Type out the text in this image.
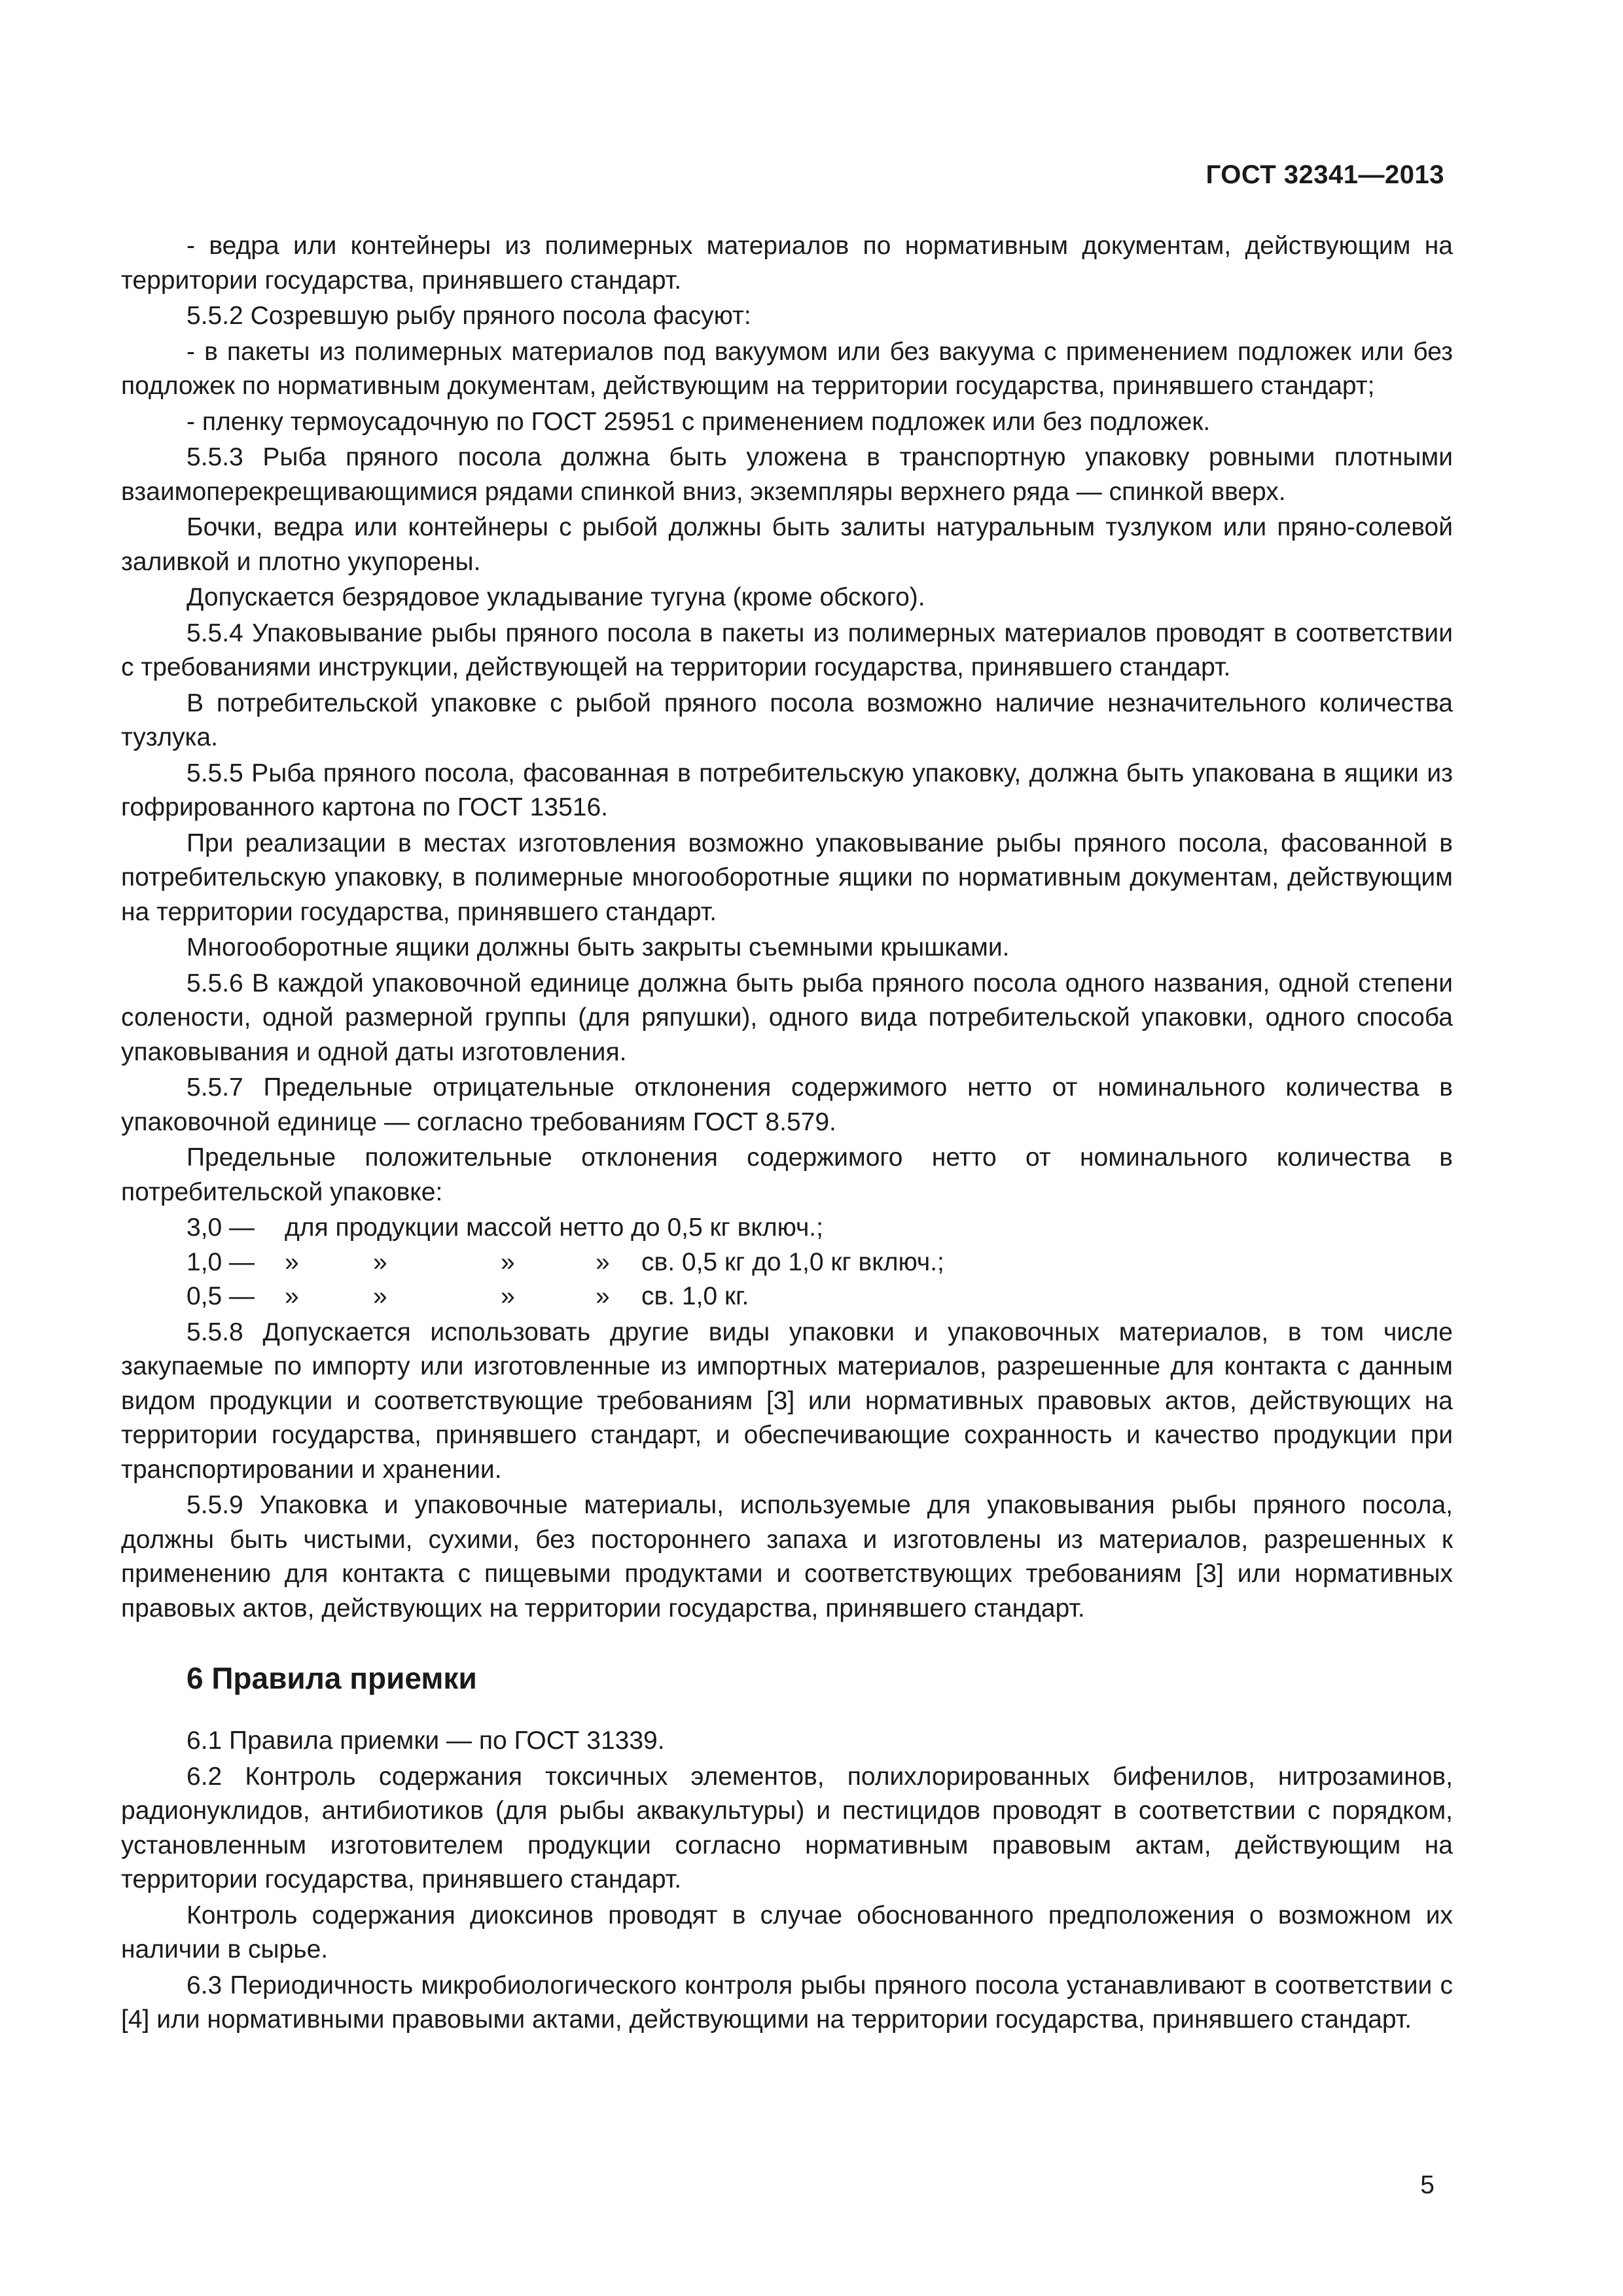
ГОСТ 32341—2013

- ведра или контейнеры из полимерных материалов по нормативным документам, действующим на территории государства, принявшего стандарт.

5.5.2 Созревшую рыбу пряного посола фасуют:

- в пакеты из полимерных материалов под вакуумом или без вакуума с применением подложек или без подложек по нормативным документам, действующим на территории государства, принявшего стандарт;

- пленку термоусадочную по ГОСТ 25951 с применением подложек или без подложек.

5.5.3 Рыба пряного посола должна быть уложена в транспортную упаковку ровными плотными взаимоперекрещивающимися рядами спинкой вниз, экземпляры верхнего ряда — спинкой вверх.

Бочки, ведра или контейнеры с рыбой должны быть залиты натуральным тузлуком или пряно-солевой заливкой и плотно укупорены.

Допускается безрядовое укладывание тугуна (кроме обского).

5.5.4 Упаковывание рыбы пряного посола в пакеты из полимерных материалов проводят в соответствии с требованиями инструкции, действующей на территории государства, принявшего стандарт.

В потребительской упаковке с рыбой пряного посола возможно наличие незначительного количества тузлука.

5.5.5 Рыба пряного посола, фасованная в потребительскую упаковку, должна быть упакована в ящики из гофрированного картона по ГОСТ 13516.

При реализации в местах изготовления возможно упаковывание рыбы пряного посола, фасованной в потребительскую упаковку, в полимерные многооборотные ящики по нормативным документам, действующим на территории государства, принявшего стандарт.

Многооборотные ящики должны быть закрыты съемными крышками.

5.5.6 В каждой упаковочной единице должна быть рыба пряного посола одного названия, одной степени солености, одной размерной группы (для ряпушки), одного вида потребительской упаковки, одного способа упаковывания и одной даты изготовления.

5.5.7 Предельные отрицательные отклонения содержимого нетто от номинального количества в упаковочной единице — согласно требованиям ГОСТ 8.579.

Предельные положительные отклонения содержимого нетто от номинального количества в потребительской упаковке:

3,0 —	для продукции массой нетто до 0,5 кг включ.;				
1,0 —	»	»	»	»	св. 0,5 кг до 1,0 кг включ.;
0,5 —	»	»	»	»	св. 1,0 кг.

5.5.8 Допускается использовать другие виды упаковки и упаковочных материалов, в том числе закупаемые по импорту или изготовленные из импортных материалов, разрешенные для контакта с данным видом продукции и соответствующие требованиям [3] или нормативных правовых актов, действующих на территории государства, принявшего стандарт, и обеспечивающие сохранность и качество продукции при транспортировании и хранении.

5.5.9 Упаковка и упаковочные материалы, используемые для упаковывания рыбы пряного посола, должны быть чистыми, сухими, без постороннего запаха и изготовлены из материалов, разрешенных к применению для контакта с пищевыми продуктами и соответствующих требованиям [3] или нормативных правовых актов, действующих на территории государства, принявшего стандарт.

6 Правила приемки

6.1 Правила приемки — по ГОСТ 31339.

6.2 Контроль содержания токсичных элементов, полихлорированных бифенилов, нитрозаминов, радионуклидов, антибиотиков (для рыбы аквакультуры) и пестицидов проводят в соответствии с порядком, установленным изготовителем продукции согласно нормативным правовым актам, действующим на территории государства, принявшего стандарт.

Контроль содержания диоксинов проводят в случае обоснованного предположения о возможном их наличии в сырье.

6.3 Периодичность микробиологического контроля рыбы пряного посола устанавливают в соответствии с [4] или нормативными правовыми актами, действующими на территории государства, принявшего стандарт.

5
